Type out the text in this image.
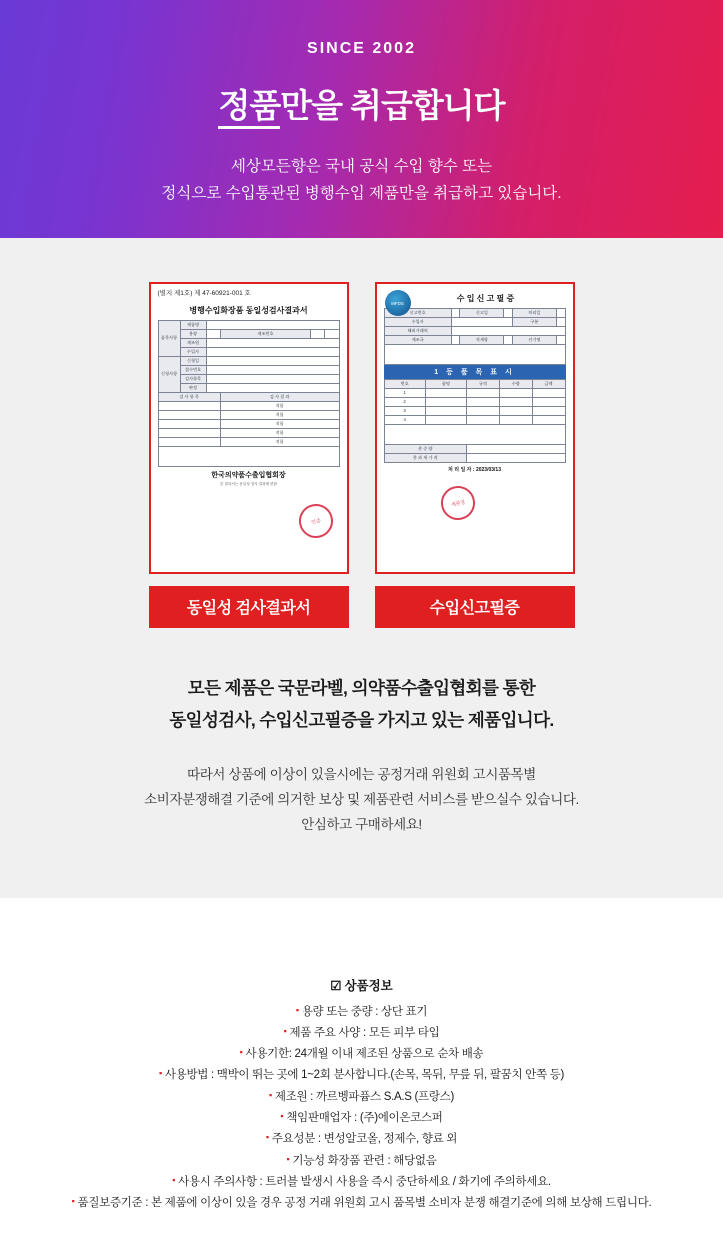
SINCE 2002
정품만을 취급합니다
세상모든향은 국내 공식 수입 향수 또는
정식으로 수입통관된 병행수입 제품만을 취급하고 있습니다.
(별지 제1호) 제 47-60921-001 호
병행수입화장품 동일성검사결과서
품목사항	제품명				
	용량		제조번호		
	제조원				
	수입자				
신청사항	신청일				
	접수번호				
	검사항목				
	판정				
검 사 항 목			검 사 결 과		
			적합		
			적합		
			적합		
			적합		
			적합		

한국의약품수출입협회장
본 결과서는 동일성 검사 결과에 한함
인증
동일성 검사결과서
MFDS	수 입 신 고 필 증
신고번호		신고일		처리일	
수입자				구분	
해외거래처					
제조국		적재항		선기명	

1 등 품 목 표 시
번호	품명	규격	수량	금액
1				
2				
3				
4				

총 중 량				
총 과 세 가 격				
처 리 일 자 : 2023/03/13
세관장
수입신고필증
모든 제품은 국문라벨, 의약품수출입협회를 통한
동일성검사, 수입신고필증을 가지고 있는 제품입니다.
따라서 상품에 이상이 있을시에는 공정거래 위원회 고시품목별
소비자분쟁해결 기준에 의거한 보상 및 제품관련 서비스를 받으실수 있습니다.
안심하고 구매하세요!
☑ 상품정보
▪ 용량 또는 중량 : 상단 표기
▪ 제품 주요 사양 : 모든 피부 타입
▪ 사용기한: 24개월 이내 제조된 상품으로 순차 배송
▪ 사용방법 : 맥박이 뛰는 곳에 1~2회 분사합니다.(손목, 목뒤, 무릎 뒤, 팔꿈치 안쪽 등)
▪ 제조원 : 까르벵파퓸스 S.A.S (프랑스)
▪ 책임판매업자 : (주)에이온코스퍼
▪ 주요성분 : 변성알코올, 정제수, 향료 외
▪ 기능성 화장품 관련 : 해당없음
▪ 사용시 주의사항 : 트러블 발생시 사용을 즉시 중단하세요 / 화기에 주의하세요.
▪ 품질보증기준 : 본 제품에 이상이 있을 경우 공정 거래 위원회 고시 품목별 소비자 분쟁 해결기준에 의해 보상해 드립니다.
